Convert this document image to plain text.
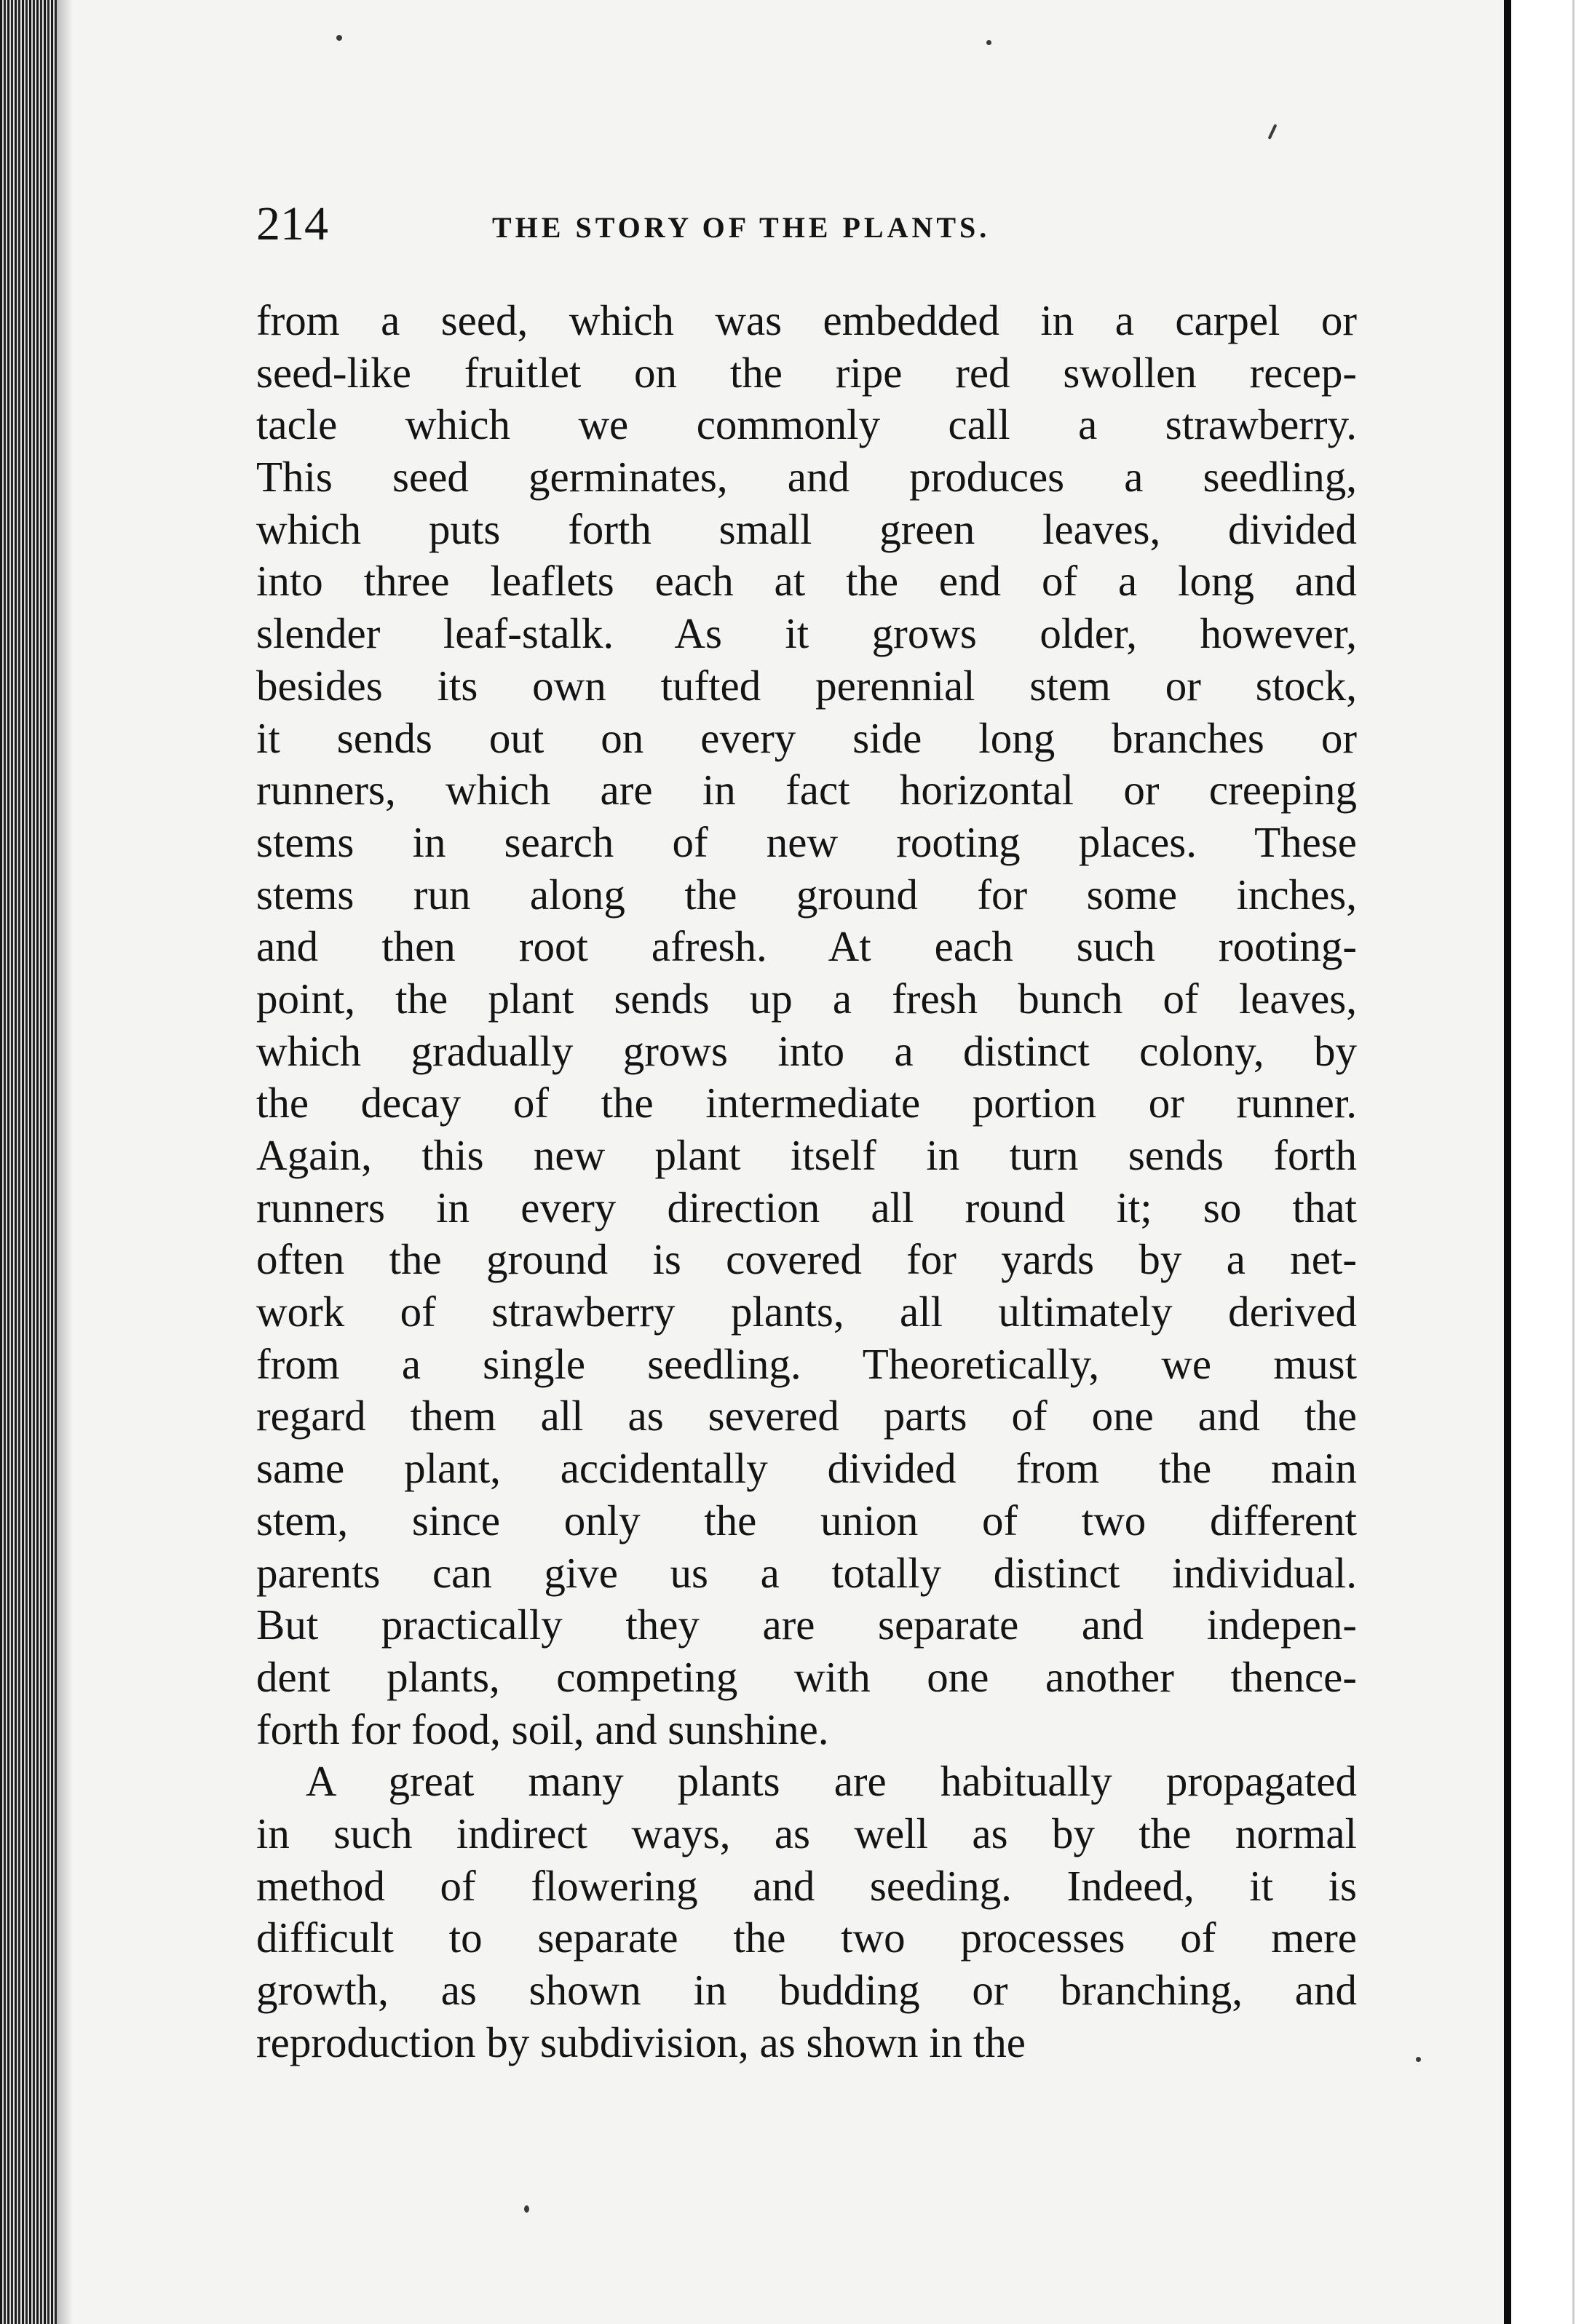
214	THE STORY OF THE PLANTS.
from a seed, which was embedded in a carpel or
seed-like fruitlet on the ripe red swollen recep-
tacle which we commonly call a strawberry.
This seed germinates, and produces a seedling,
which puts forth small green leaves, divided
into three leaflets each at the end of a long and
slender leaf-stalk. As it grows older, however,
besides its own tufted perennial stem or stock,
it sends out on every side long branches or
runners, which are in fact horizontal or creeping
stems in search of new rooting places. These
stems run along the ground for some inches,
and then root afresh. At each such rooting-
point, the plant sends up a fresh bunch of leaves,
which gradually grows into a distinct colony, by
the decay of the intermediate portion or runner.
Again, this new plant itself in turn sends forth
runners in every direction all round it; so that
often the ground is covered for yards by a net-
work of strawberry plants, all ultimately derived
from a single seedling. Theoretically, we must
regard them all as severed parts of one and the
same plant, accidentally divided from the main
stem, since only the union of two different
parents can give us a totally distinct individual.
But practically they are separate and indepen-
dent plants, competing with one another thence-
forth for food, soil, and sunshine.
A great many plants are habitually propagated
in such indirect ways, as well as by the normal
method of flowering and seeding. Indeed, it is
difficult to separate the two processes of mere
growth, as shown in budding or branching, and
reproduction by subdivision, as shown in the
